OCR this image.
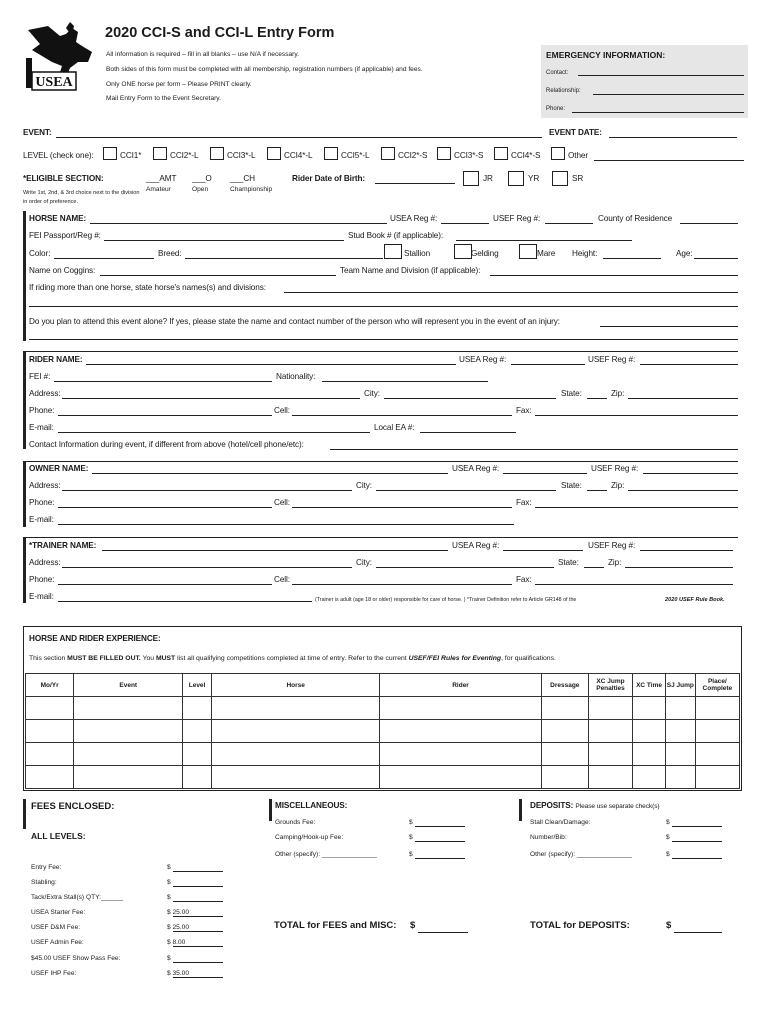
USEA
2020 CCI-S and CCI-L Entry Form
All information is required – fill in all blanks – use N/A if necessary.
Both sides of this form must be completed with all membership, registration numbers (if applicable) and fees.
Only ONE horse per form – Please PRINT clearly.
Mail Entry Form to the Event Secretary.
EMERGENCY INFORMATION:
Contact:
Relationship:
Phone:
EVENT:	EVENT DATE:
LEVEL (check one):	CCI1*	CCI2*-L	CCI3*-L	CCI4*-L	CCI5*-L	CCI2*-S	CCI3*-S	CCI4*-S	Other
*ELIGIBLE SECTION:
Write 1st, 2nd, & 3rd choice next to the division in order of preference.
___AMT
Amateur
___O
Open
___CH
Championship
Rider Date of Birth:	JR	YR	SR
HORSE NAME:	USEA Reg #:	USEF Reg #:	County of Residence
FEI Passport/Reg #:	Stud Book # (if applicable):
Color:	Breed:	Stallion	Gelding	Mare Height:	Age:
Name on Coggins:	Team Name and Division (if applicable):
If riding more than one horse, state horse's names(s) and divisions:
Do you plan to attend this event alone? If yes, please state the name and contact number of the person who will represent you in the event of an injury:
RIDER NAME:	USEA Reg #:	USEF Reg #:
FEI #:	Nationality:
Address:	City:	State:	Zip:
Phone:	Cell:	Fax:
E-mail:	Local EA #:
Contact Information during event, if different from above (hotel/cell phone/etc):
OWNER NAME:	USEA Reg #:	USEF Reg #:
Address:	City:	State:	Zip:
Phone:	Cell:	Fax:
E-mail:
*TRAINER NAME:	USEA Reg #:	USEF Reg #:
Address:	City:	State:	Zip:
Phone:	Cell:	Fax:
E-mail:	(Trainer is adult (age 18 or older) responsible for care of horse. ) *Trainer Definition refer to Article GR148 of the	2020 USEF Rule Book.
HORSE AND RIDER EXPERIENCE:
This section MUST BE FILLED OUT. You MUST list all qualifying competitions completed at time of entry. Refer to the current USEF/FEI Rules for Eventing, for qualifications.
Mo/Yr	Event	Level	Horse	Rider	Dressage	XC Jump Penalties	XC Time	SJ Jump	Place/ Complete

FEES ENCLOSED:
ALL LEVELS:
Entry Fee:	$
Stabling:	$
Tack/Extra Stall(s) QTY:______	$
USEA Starter Fee:	$ 25.00
USEF D&M Fee:	$ 25.00
USEF Admin Fee:	$ 8.00
$45.00 USEF Show Pass Fee:	$
USEF IHP Fee:	$ 35.00
MISCELLANEOUS:
Grounds Fee:	$
Camping/Hook-up Fee:	$
Other (specify): _______________	$
TOTAL for FEES and MISC: $
DEPOSITS: Please use separate check(s)
Stall Clean/Damage:	$
Number/Bib:	$
Other (specify): _______________	$
TOTAL for DEPOSITS:	$
